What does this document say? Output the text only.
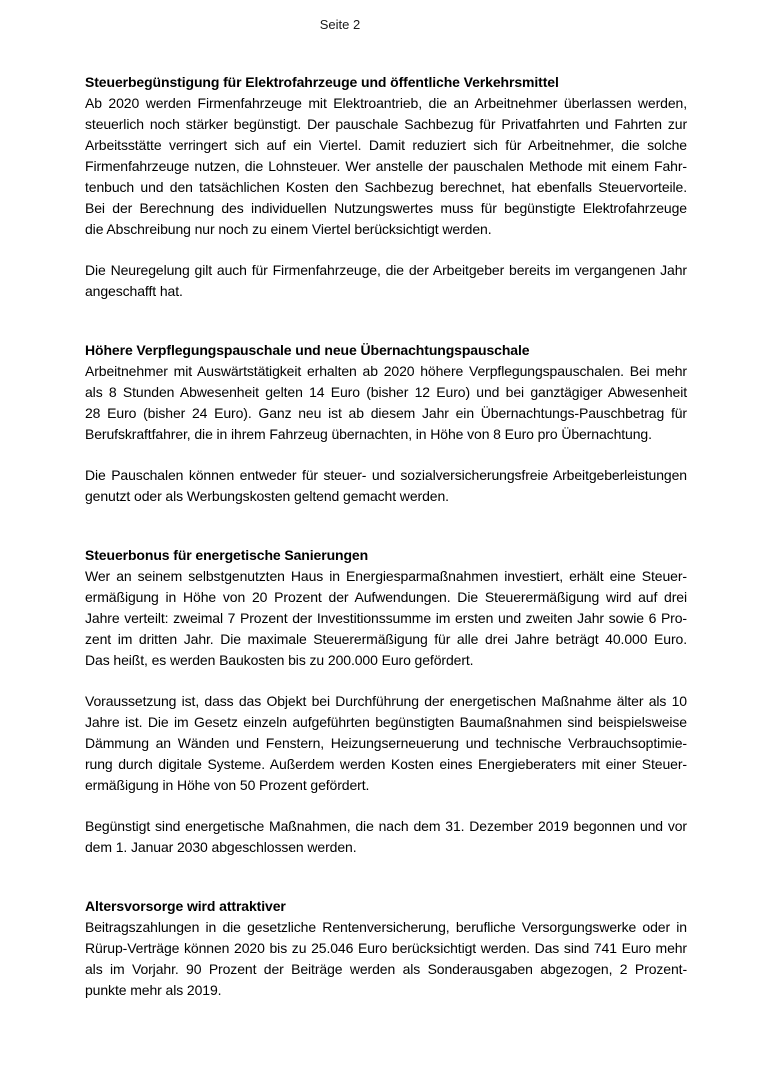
Seite 2
Steuerbegünstigung für Elektrofahrzeuge und öffentliche Verkehrsmittel
Ab 2020 werden Firmenfahrzeuge mit Elektroantrieb, die an Arbeitnehmer überlassen werden,
steuerlich noch stärker begünstigt. Der pauschale Sachbezug für Privatfahrten und Fahrten zur
Arbeitsstätte verringert sich auf ein Viertel. Damit reduziert sich für Arbeitnehmer, die solche
Firmenfahrzeuge nutzen, die Lohnsteuer. Wer anstelle der pauschalen Methode mit einem Fahr-
tenbuch und den tatsächlichen Kosten den Sachbezug berechnet, hat ebenfalls Steuervorteile.
Bei der Berechnung des individuellen Nutzungswertes muss für begünstigte Elektrofahrzeuge
die Abschreibung nur noch zu einem Viertel berücksichtigt werden.
Die Neuregelung gilt auch für Firmenfahrzeuge, die der Arbeitgeber bereits im vergangenen Jahr
angeschafft hat.
Höhere Verpflegungspauschale und neue Übernachtungspauschale
Arbeitnehmer mit Auswärtstätigkeit erhalten ab 2020 höhere Verpflegungspauschalen. Bei mehr
als 8 Stunden Abwesenheit gelten 14 Euro (bisher 12 Euro) und bei ganztägiger Abwesenheit
28 Euro (bisher 24 Euro). Ganz neu ist ab diesem Jahr ein Übernachtungs-Pauschbetrag für
Berufskraftfahrer, die in ihrem Fahrzeug übernachten, in Höhe von 8 Euro pro Übernachtung.
Die Pauschalen können entweder für steuer- und sozialversicherungsfreie Arbeitgeberleistungen
genutzt oder als Werbungskosten geltend gemacht werden.
Steuerbonus für energetische Sanierungen
Wer an seinem selbstgenutzten Haus in Energiesparmaßnahmen investiert, erhält eine Steuer-
ermäßigung in Höhe von 20 Prozent der Aufwendungen. Die Steuerermäßigung wird auf drei
Jahre verteilt: zweimal 7 Prozent der Investitionssumme im ersten und zweiten Jahr sowie 6 Pro-
zent im dritten Jahr. Die maximale Steuerermäßigung für alle drei Jahre beträgt 40.000 Euro.
Das heißt, es werden Baukosten bis zu 200.000 Euro gefördert.
Voraussetzung ist, dass das Objekt bei Durchführung der energetischen Maßnahme älter als 10
Jahre ist. Die im Gesetz einzeln aufgeführten begünstigten Baumaßnahmen sind beispielsweise
Dämmung an Wänden und Fenstern, Heizungserneuerung und technische Verbrauchsoptimie-
rung durch digitale Systeme. Außerdem werden Kosten eines Energieberaters mit einer Steuer-
ermäßigung in Höhe von 50 Prozent gefördert.
Begünstigt sind energetische Maßnahmen, die nach dem 31. Dezember 2019 begonnen und vor
dem 1. Januar 2030 abgeschlossen werden.
Altersvorsorge wird attraktiver
Beitragszahlungen in die gesetzliche Rentenversicherung, berufliche Versorgungswerke oder in
Rürup-Verträge können 2020 bis zu 25.046 Euro berücksichtigt werden. Das sind 741 Euro mehr
als im Vorjahr. 90 Prozent der Beiträge werden als Sonderausgaben abgezogen, 2 Prozent-
punkte mehr als 2019.
